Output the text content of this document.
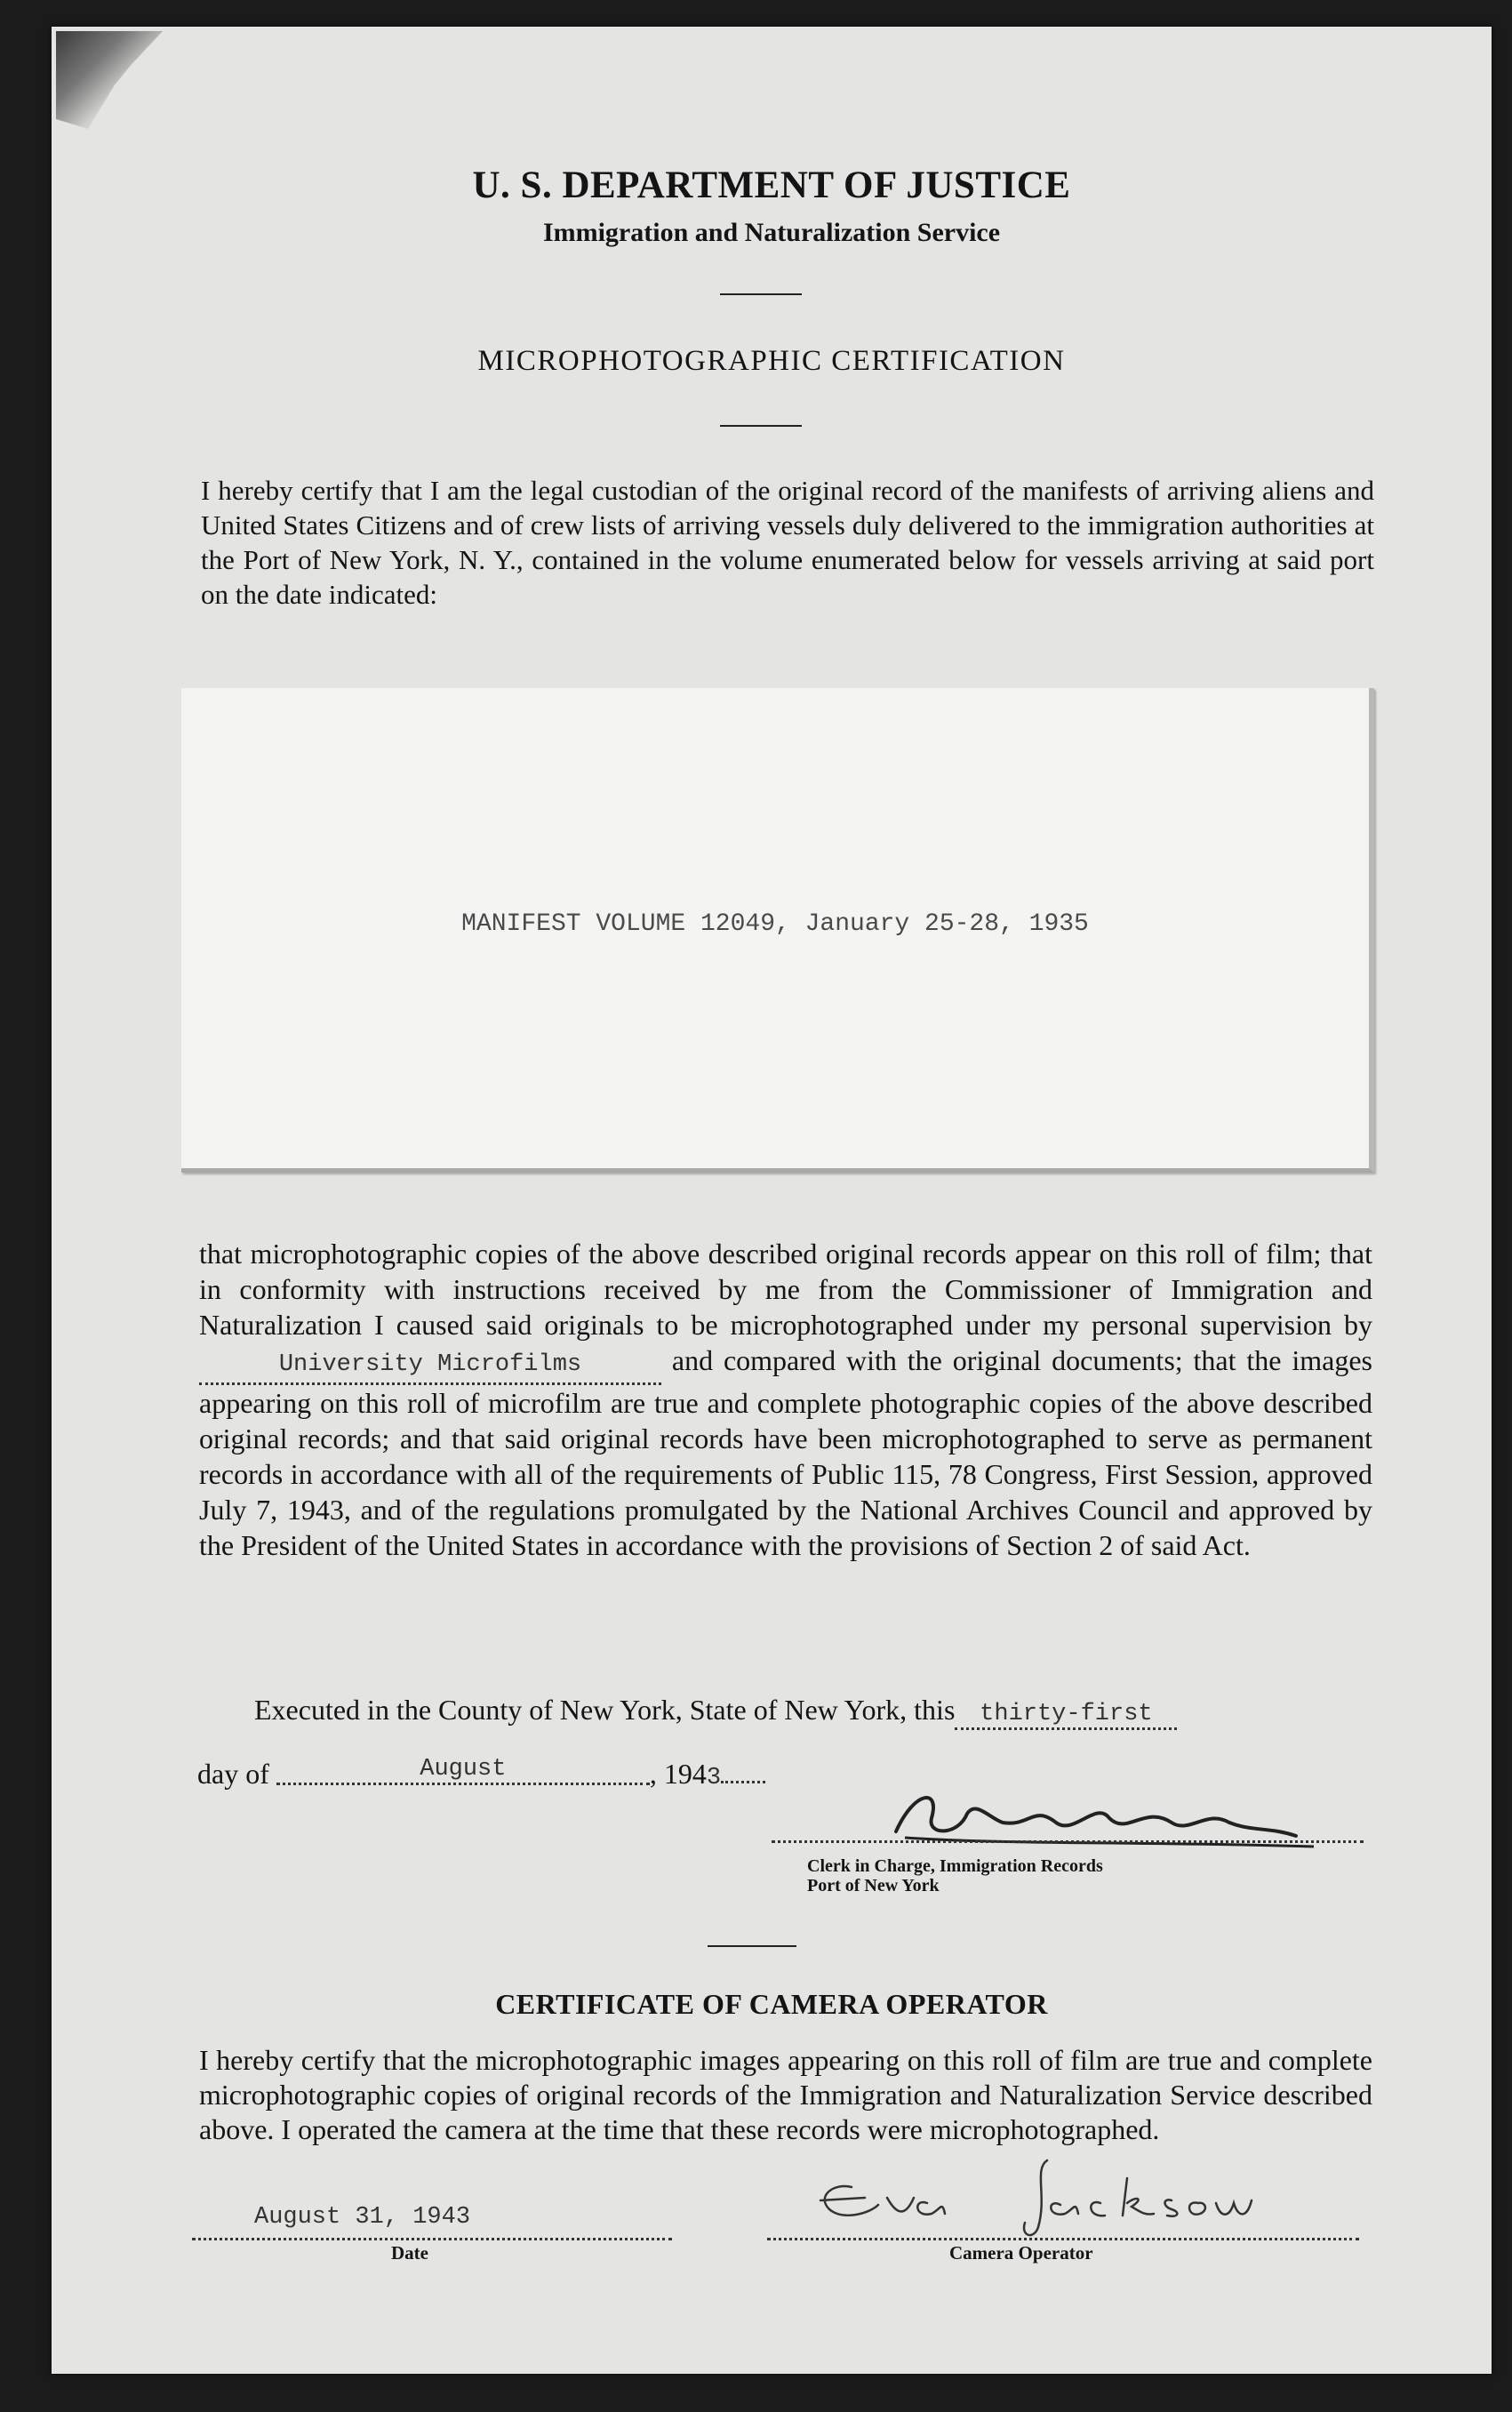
U. S. DEPARTMENT OF JUSTICE
Immigration and Naturalization Service
MICROPHOTOGRAPHIC CERTIFICATION
I hereby certify that I am the legal custodian of the original record of the manifests of arriving aliens and United States Citizens and of crew lists of arriving vessels duly delivered to the immigration authorities at the Port of New York, N. Y., contained in the volume enumerated below for vessels arriving at said port on the date indicated:
MANIFEST VOLUME 12049, January 25-28, 1935
that microphotographic copies of the above described original records appear on this roll of film; that in conformity with instructions received by me from the Commissioner of Immigration and Naturalization I caused said originals to be microphotographed under my personal supervision by University Microfilms	and compared with the original documents; that the images appearing on this roll of microfilm are true and complete photographic copies of the above described original records; and that said original records have been microphotographed to serve as permanent records in accordance with all of the requirements of Public 115, 78 Congress, First Session, approved July 7, 1943, and of the regulations promulgated by the National Archives Council and approved by the President of the United States in accordance with the provisions of Section 2 of said Act.
Executed in the County of New York, State of New York, this thirty-first
day of	August	, 1943
Clerk in Charge, Immigration Records
Port of New York
CERTIFICATE OF CAMERA OPERATOR
I hereby certify that the microphotographic images appearing on this roll of film are true and complete microphotographic copies of original records of the Immigration and Naturalization Service described above. I operated the camera at the time that these records were microphotographed.
August 31, 1943
Date	Camera Operator
